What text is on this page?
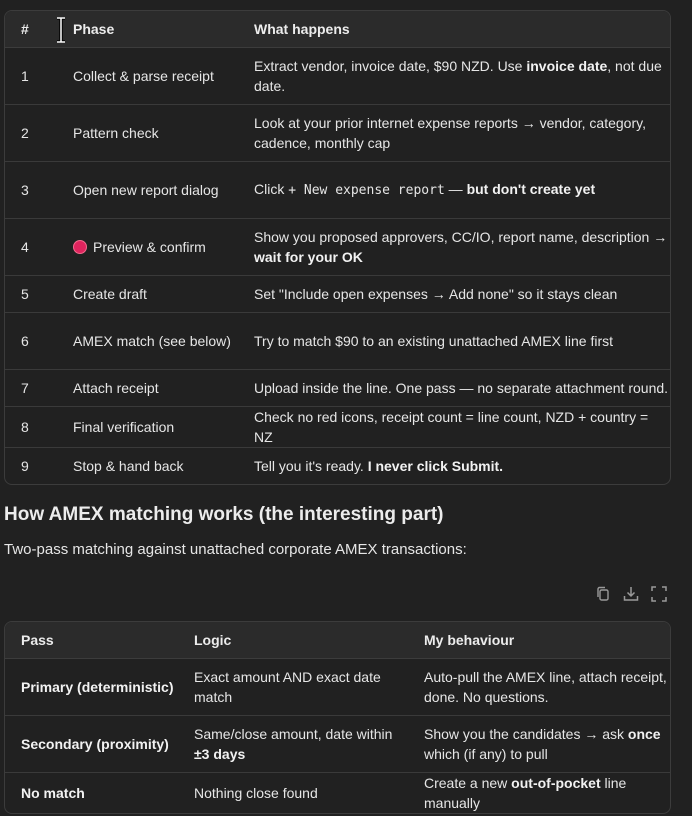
#	Phase	What happens
1	Collect & parse receipt	Extract vendor, invoice date, $90 NZD. Use invoice date, not due date.
2	Pattern check	Look at your prior internet expense reports → vendor, category, cadence, monthly cap
3	Open new report dialog	Click + New expense report — but don't create yet
4	Preview & confirm	Show you proposed approvers, CC/IO, report name, description → wait for your OK
5	Create draft	Set "Include open expenses → Add none" so it stays clean
6	AMEX match (see below)	Try to match $90 to an existing unattached AMEX line first
7	Attach receipt	Upload inside the line. One pass — no separate attachment round.
8	Final verification	Check no red icons, receipt count = line count, NZD + country = NZ
9	Stop & hand back	Tell you it's ready. I never click Submit.
How AMEX matching works (the interesting part)

Two-pass matching against unattached corporate AMEX transactions:

Pass	Logic	My behaviour
Primary (deterministic)	Exact amount AND exact date match	Auto-pull the AMEX line, attach receipt, done. No questions.
Secondary (proximity)	Same/close amount, date within ±3 days	Show you the candidates → ask once which (if any) to pull
No match	Nothing close found	Create a new out-of-pocket line manually
